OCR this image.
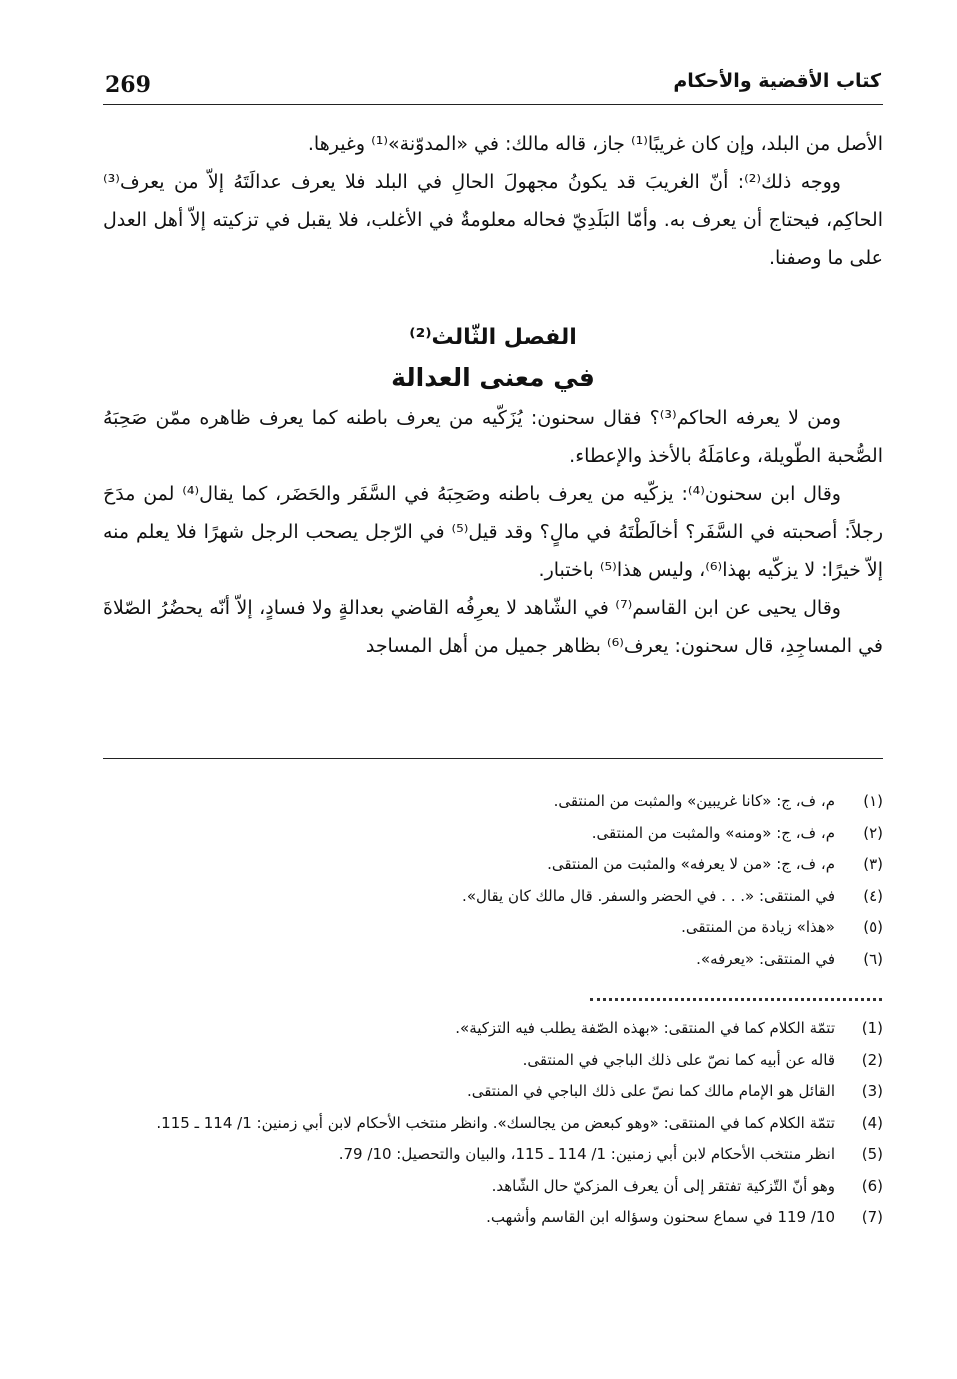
269	كتاب الأقضية والأحكام

الأصل من البلد، وإن كان غريبًا⁽¹⁾ جاز، قاله مالك: في «المدوّنة»⁽¹⁾ وغيرها.

ووجه ذلك⁽²⁾: أنّ الغريبَ قد يكونُ مجهولَ الحالِ في البلد فلا يعرف عدالَتَهُ إلاّ من يعرف⁽³⁾ الحاكِم، فيحتاج أن يعرف به. وأمّا البَلَدِيّ فحاله معلومةٌ في الأغلب، فلا يقبل في تزكيته إلاّ أهل العدل على ما وصفنا.

الفصل الثّالث⁽²⁾

في معنى العدالة

ومن لا يعرفه الحاكم⁽³⁾؟ فقال سحنون: يُزَكّيه من يعرف باطنه كما يعرف ظاهره ممّن صَحِبَهُ الصُّحبة الطّويلة، وعامَلَهُ بالأخذ والإعطاء.

وقال ابن سحنون⁽⁴⁾: يزكّيه من يعرف باطنه وصَحِبَهُ في السَّفَر والحَضَر، كما يقال⁽⁴⁾ لمن مدَحَ رجلاً: أصحبته في السَّفَر؟ أخالَطْتَهُ في مالٍ؟ وقد قيل⁽⁵⁾ في الرّجل يصحب الرجل شهرًا فلا يعلم منه إلاّ خيرًا: لا يزكّيه بهذا⁽⁶⁾، وليس هذا⁽⁵⁾ باختبار.

وقال يحيى عن ابن القاسم⁽⁷⁾ في الشّاهد لا يعرِفُه القاضي بعدالةٍ ولا فسادٍ، إلاّ أنّه يحضُرُ الصّلاةَ في المساجِدِ، قال سحنون: يعرف⁽⁶⁾ بظاهر جميل من أهل المساجد

(١)
م، ف، ج: «كانا غريبين» والمثبت من المنتقى.
(٢)
م، ف، ج: «ومنه» والمثبت من المنتقى.
(٣)
م، ف، ج: «من لا يعرفه» والمثبت من المنتقى.
(٤)
في المنتقى: «. . . في الحضر والسفر. قال مالك كان يقال».
(٥)
«هذا» زيادة من المنتقى.
(٦)
في المنتقى: «يعرفه».
(1)
تتمّة الكلام كما في المنتقى: «بهذه الصّفة يطلب فيه التزكية».
(2)
قاله عن أبيه كما نصّ على ذلك الباجي في المنتقى.
(3)
القائل هو الإمام مالك كما نصّ على ذلك الباجي في المنتقى.
(4)
تتمّة الكلام كما في المنتقى: «وهو كبعض من يجالسك». وانظر منتخب الأحكام لابن أبي زمنين: 1/ 114 ـ 115.
(5)
انظر منتخب الأحكام لابن أبي زمنين: 1/ 114 ـ 115، والبيان والتحصيل: 10/ 79.
(6)
وهو أنّ التّزكية تفتقر إلى أن يعرف المزكيّ حال الشّاهد.
(7)
10/ 119 في سماع سحنون وسؤاله ابن القاسم وأشهب.
